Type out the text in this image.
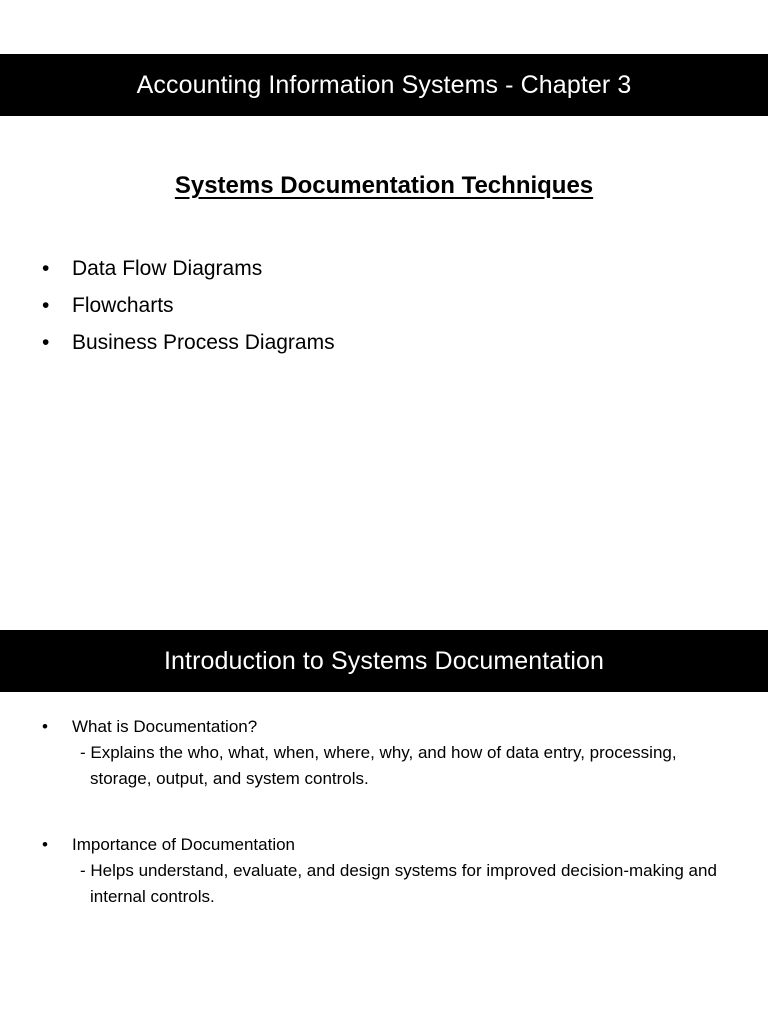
Accounting Information Systems - Chapter 3
Systems Documentation Techniques
• Data Flow Diagrams
• Flowcharts
• Business Process Diagrams
Introduction to Systems Documentation
• What is Documentation?
- Explains the who, what, when, where, why, and how of data entry, processing, storage, output, and system controls.
• Importance of Documentation
- Helps understand, evaluate, and design systems for improved decision-making and internal controls.
